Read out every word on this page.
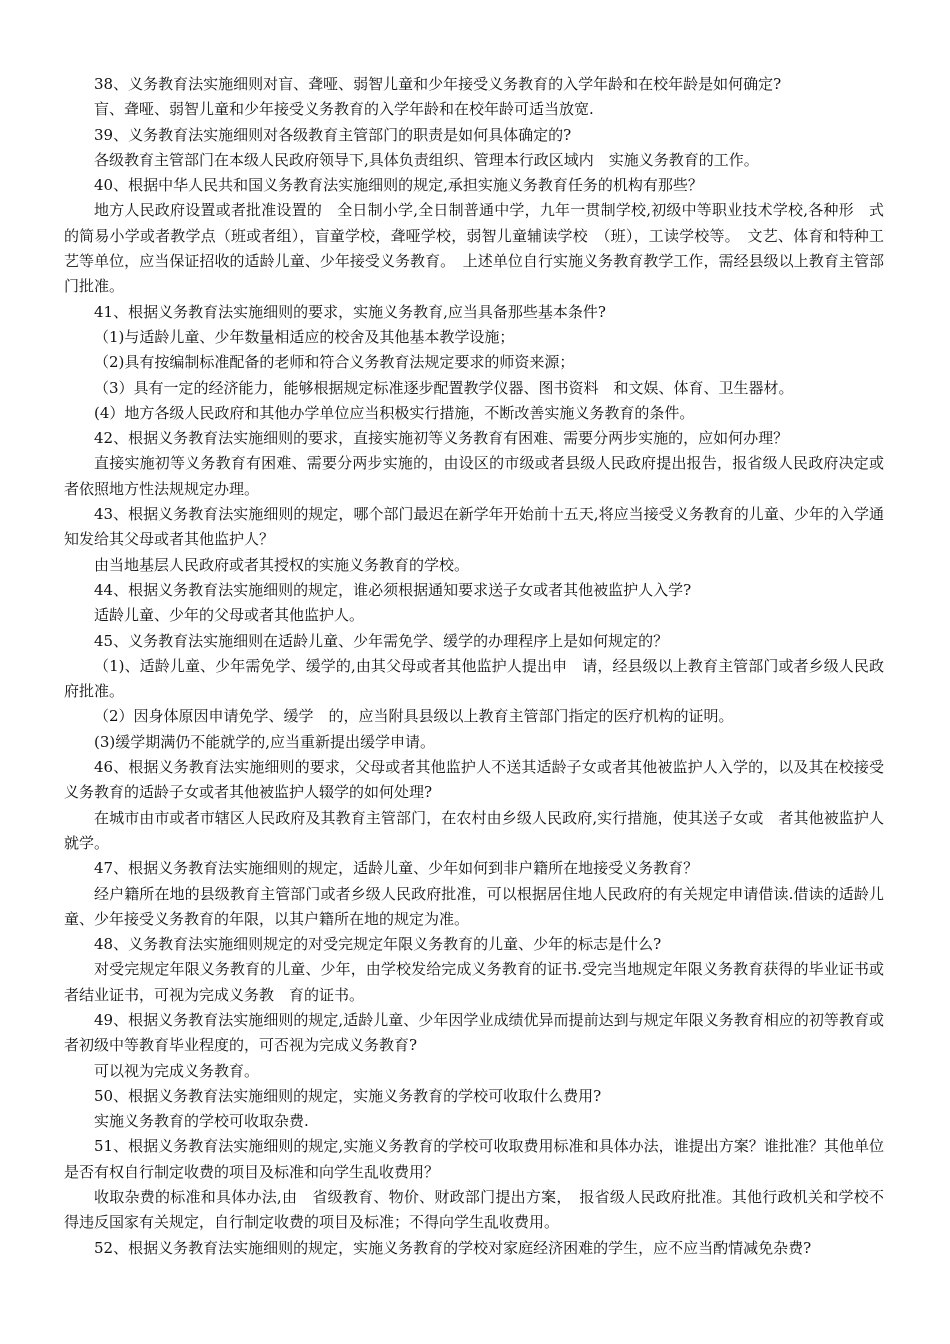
38、义务教育法实施细则对盲、聋哑、弱智儿童和少年接受义务教育的入学年龄和在校年龄是如何确定?

盲、聋哑、弱智儿童和少年接受义务教育的入学年龄和在校年龄可适当放宽.

39、义务教育法实施细则对各级教育主管部门的职责是如何具体确定的?

各级教育主管部门在本级人民政府领导下,具体负责组织、管理本行政区域内　实施义务教育的工作。

40、根据中华人民共和国义务教育法实施细则的规定,承担实施义务教育任务的机构有那些？

地方人民政府设置或者批准设置的　全日制小学,全日制普通中学，九年一贯制学校,初级中等职业技术学校,各种形　式的简易小学或者教学点（班或者组），盲童学校，聋哑学校，弱智儿童辅读学校　（班），工读学校等。　文艺、体育和特种工艺等单位，应当保证招收的适龄儿童、少年接受义务教育。　上述单位自行实施义务教育教学工作，需经县级以上教育主管部门批准。

41、根据义务教育法实施细则的要求，实施义务教育,应当具备那些基本条件?

（1)与适龄儿童、少年数量相适应的校舍及其他基本教学设施；

（2)具有按编制标准配备的老师和符合义务教育法规定要求的师资来源；

（3）具有一定的经济能力，能够根据规定标准逐步配置教学仪器、图书资料　和文娱、体育、卫生器材。

(4）地方各级人民政府和其他办学单位应当积极实行措施，不断改善实施义务教育的条件。

42、根据义务教育法实施细则的要求，直接实施初等义务教育有困难、需要分两步实施的，应如何办理？

直接实施初等义务教育有困难、需要分两步实施的，由设区的市级或者县级人民政府提出报告，报省级人民政府决定或者依照地方性法规规定办理。

43、根据义务教育法实施细则的规定，哪个部门最迟在新学年开始前十五天,将应当接受义务教育的儿童、少年的入学通知发给其父母或者其他监护人？

由当地基层人民政府或者其授权的实施义务教育的学校。

44、根据义务教育法实施细则的规定，谁必须根据通知要求送子女或者其他被监护人入学?

适龄儿童、少年的父母或者其他监护人。

45、义务教育法实施细则在适龄儿童、少年需免学、缓学的办理程序上是如何规定的？

（1)、适龄儿童、少年需免学、缓学的,由其父母或者其他监护人提出申　请，经县级以上教育主管部门或者乡级人民政府批准。

（2）因身体原因申请免学、缓学　的，应当附具县级以上教育主管部门指定的医疗机构的证明。

(3)缓学期满仍不能就学的,应当重新提出缓学申请。

46、根据义务教育法实施细则的要求，父母或者其他监护人不送其适龄子女或者其他被监护人入学的，以及其在校接受义务教育的适龄子女或者其他被监护人辍学的如何处理?

在城市由市或者市辖区人民政府及其教育主管部门，在农村由乡级人民政府,实行措施，使其送子女或　者其他被监护人就学。

47、根据义务教育法实施细则的规定，适龄儿童、少年如何到非户籍所在地接受义务教育？

经户籍所在地的县级教育主管部门或者乡级人民政府批准，可以根据居住地人民政府的有关规定申请借读.借读的适龄儿童、少年接受义务教育的年限，以其户籍所在地的规定为准。

48、义务教育法实施细则规定的对受完规定年限义务教育的儿童、少年的标志是什么?

对受完规定年限义务教育的儿童、少年，由学校发给完成义务教育的证书.受完当地规定年限义务教育获得的毕业证书或者结业证书，可视为完成义务教　育的证书。

49、根据义务教育法实施细则的规定,适龄儿童、少年因学业成绩优异而提前达到与规定年限义务教育相应的初等教育或者初级中等教育毕业程度的，可否视为完成义务教育?

可以视为完成义务教育。

50、根据义务教育法实施细则的规定，实施义务教育的学校可收取什么费用?

实施义务教育的学校可收取杂费.

51、根据义务教育法实施细则的规定,实施义务教育的学校可收取费用标准和具体办法，谁提出方案？谁批准？其他单位是否有权自行制定收费的项目及标准和向学生乱收费用？

收取杂费的标准和具体办法,由　省级教育、物价、财政部门提出方案，　报省级人民政府批准。其他行政机关和学校不得违反国家有关规定，自行制定收费的项目及标准；不得向学生乱收费用。

52、根据义务教育法实施细则的规定，实施义务教育的学校对家庭经济困难的学生，应不应当酌情减免杂费?
